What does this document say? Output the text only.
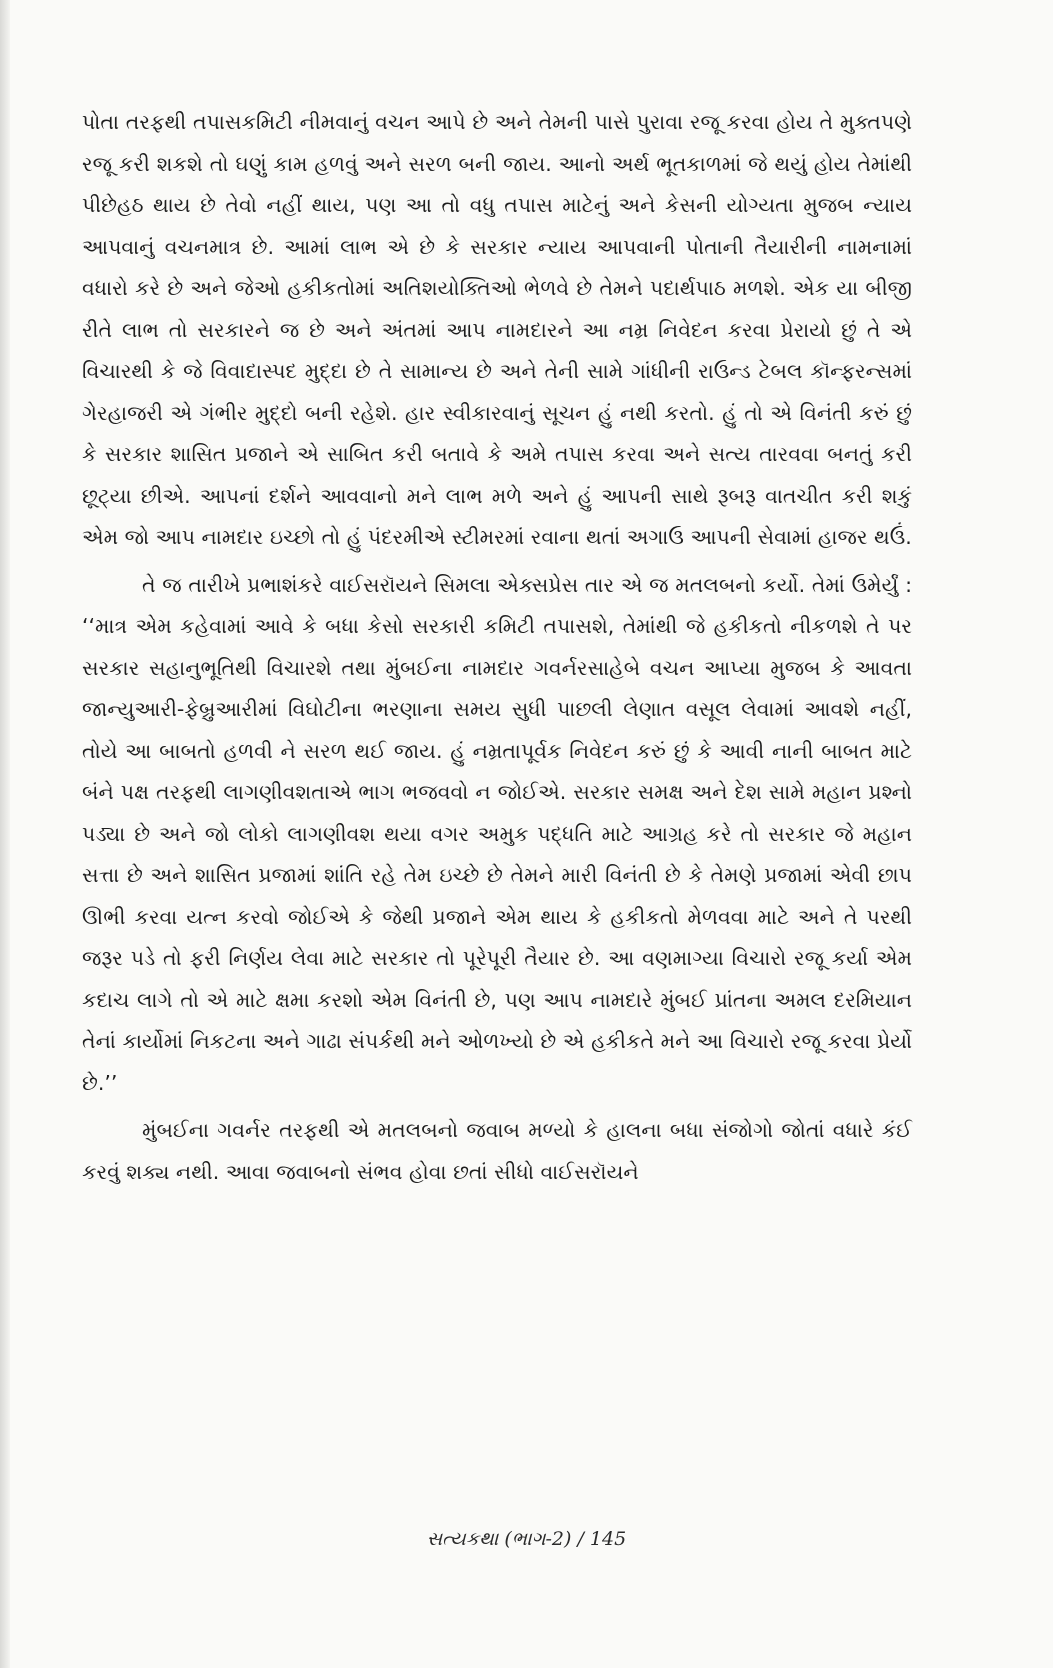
પોતા તરફથી તપાસકમિટી નીમવાનું વચન આપે છે અને તેમની પાસે પુરાવા રજૂ કરવા હોય તે મુક્તપણે રજૂ કરી શકશે તો ઘણું કામ હળવું અને સરળ બની જાય. આનો અર્થ ભૂતકાળમાં જે થયું હોય તેમાંથી પીછેહઠ થાય છે તેવો નહીં થાય, પણ આ તો વધુ તપાસ માટેનું અને કેસની યોગ્યતા મુજબ ન્યાય આપવાનું વચનમાત્ર છે. આમાં લાભ એ છે કે સરકાર ન્યાય આપવાની પોતાની તૈયારીની નામનામાં વધારો કરે છે અને જેઓ હકીકતોમાં અતિશયોક્તિઓ ભેળવે છે તેમને પદાર્થપાઠ મળશે. એક યા બીજી રીતે લાભ તો સરકારને જ છે અને અંતમાં આપ નામદારને આ નમ્ર નિવેદન કરવા પ્રેરાયો છું તે એ વિચારથી કે જે વિવાદાસ્પદ મુદ્દા છે તે સામાન્ય છે અને તેની સામે ગાંધીની રાઉન્ડ ટેબલ કૉન્ફરન્સમાં ગેરહાજરી એ ગંભીર મુદ્દો બની રહેશે. હાર સ્વીકારવાનું સૂચન હું નથી કરતો. હું તો એ વિનંતી કરું છું કે સરકાર શાસિત પ્રજાને એ સાબિત કરી બતાવે કે અમે તપાસ કરવા અને સત્ય તારવવા બનતું કરી છૂટ્યા છીએ. આપનાં દર્શને આવવાનો મને લાભ મળે અને હું આપની સાથે રૂબરૂ વાતચીત કરી શકું એમ જો આપ નામદાર ઇચ્છો તો હું પંદરમીએ સ્ટીમરમાં રવાના થતાં અગાઉ આપની સેવામાં હાજર થઉં.

તે જ તારીખે પ્રભાશંકરે વાઈસરૉયને સિમલા એક્સપ્રેસ તાર એ જ મતલબનો કર્યો. તેમાં ઉમેર્યું : ‘‘માત્ર એમ કહેવામાં આવે કે બધા કેસો સરકારી કમિટી તપાસશે, તેમાંથી જે હકીકતો નીકળશે તે પર સરકાર સહાનુભૂતિથી વિચારશે તથા મુંબઈના નામદાર ગવર્નરસાહેબે વચન આપ્યા મુજબ કે આવતા જાન્યુઆરી-ફેબ્રુઆરીમાં વિઘોટીના ભરણાના સમય સુધી પાછલી લેણાત વસૂલ લેવામાં આવશે નહીં, તોયે આ બાબતો હળવી ને સરળ થઈ જાય. હું નમ્રતાપૂર્વક નિવેદન કરું છું કે આવી નાની બાબત માટે બંને પક્ષ તરફથી લાગણીવશતાએ ભાગ ભજવવો ન જોઈએ. સરકાર સમક્ષ અને દેશ સામે મહાન પ્રશ્નો પડ્યા છે અને જો લોકો લાગણીવશ થયા વગર અમુક પદ્ધતિ માટે આગ્રહ કરે તો સરકાર જે મહાન સત્તા છે અને શાસિત પ્રજામાં શાંતિ રહે તેમ ઇચ્છે છે તેમને મારી વિનંતી છે કે તેમણે પ્રજામાં એવી છાપ ઊભી કરવા યત્ન કરવો જોઈએ કે જેથી પ્રજાને એમ થાય કે હકીકતો મેળવવા માટે અને તે પરથી જરૂર પડે તો ફરી નિર્ણય લેવા માટે સરકાર તો પૂરેપૂરી તૈયાર છે. આ વણમાગ્યા વિચારો રજૂ કર્યા એમ કદાચ લાગે તો એ માટે ક્ષમા કરશો એમ વિનંતી છે, પણ આપ નામદારે મુંબઈ પ્રાંતના અમલ દરમિયાન તેનાં કાર્યોમાં નિકટના અને ગાઢા સંપર્કથી મને ઓળખ્યો છે એ હકીકતે મને આ વિચારો રજૂ કરવા પ્રેર્યો છે.’’

મુંબઈના ગવર્નર તરફથી એ મતલબનો જવાબ મળ્યો કે હાલના બધા સંજોગો જોતાં વધારે કંઈ કરવું શક્ય નથી. આવા જવાબનો સંભવ હોવા છતાં સીધો વાઈસરૉયને

સત્યકથા (ભાગ-2) / 145
